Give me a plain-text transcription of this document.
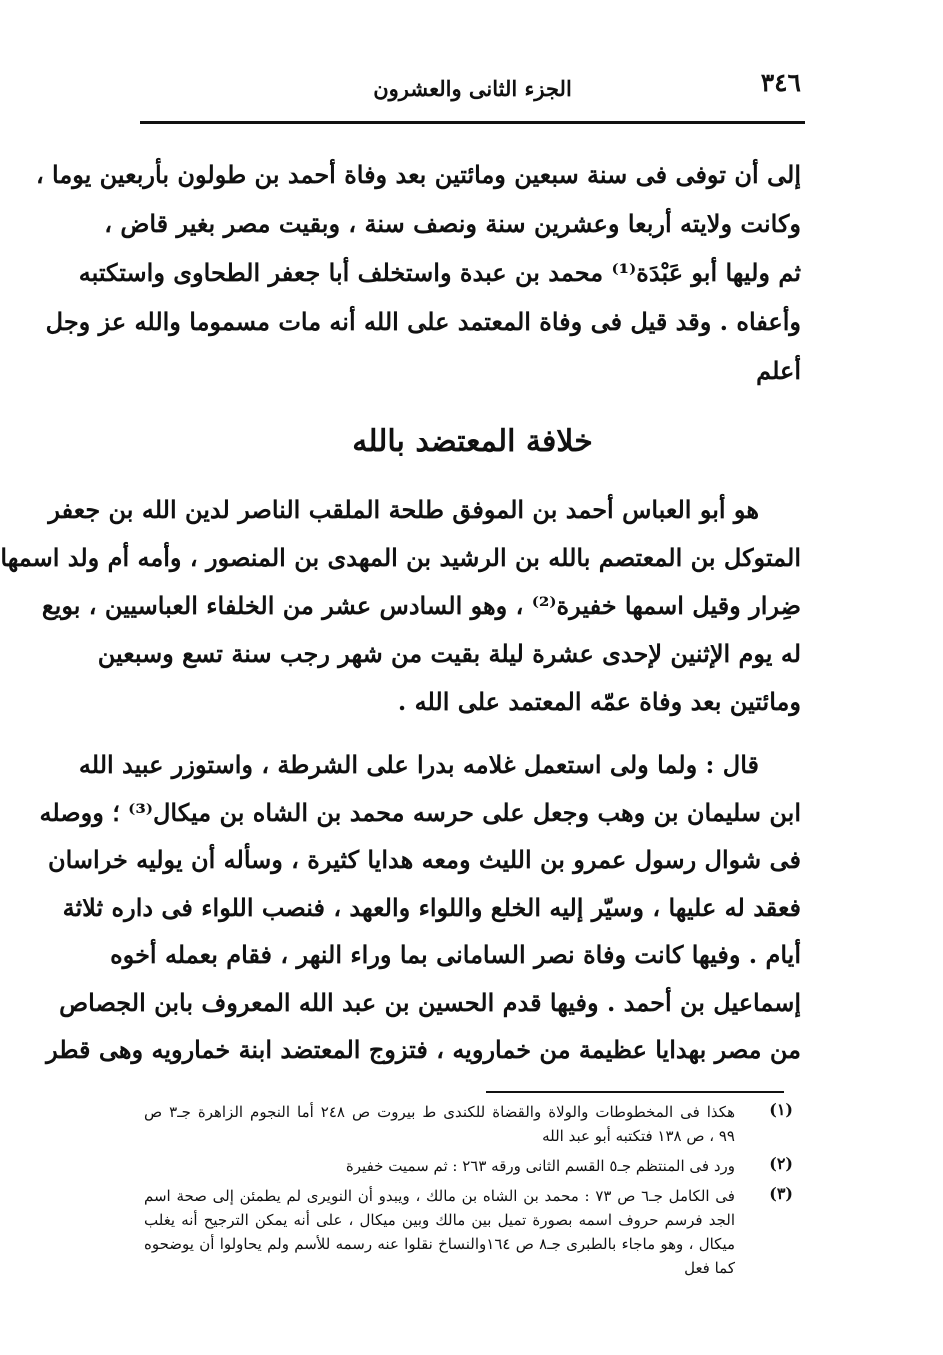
٣٤٦
الجزء الثانى والعشرون
إلى أن توفى فى سنة سبعين ومائتين بعد وفاة أحمد بن طولون بأربعين يوما ،
وكانت ولايته أربعا وعشرين سنة ونصف سنة ، وبقيت مصر بغير قاض ،
ثم وليها أبو عَبْدَة⁽¹⁾ محمد بن عبدة واستخلف أبا جعفر الطحاوى واستكتبه
وأعفاه . وقد قيل فى وفاة المعتمد على الله أنه مات مسموما والله عز وجل
أعلم
خلافة المعتضد بالله
هو أبو العباس أحمد بن الموفق طلحة الملقب الناصر لدين الله بن جعفر
المتوكل بن المعتصم بالله بن الرشيد بن المهدى بن المنصور ، وأمه أم ولد اسمها
ضِرار وقيل اسمها خفيرة⁽²⁾ ، وهو السادس عشر من الخلفاء العباسيين ، بويع
له يوم الإثنين لإحدى عشرة ليلة بقيت من شهر رجب سنة تسع وسبعين
ومائتين بعد وفاة عمّه المعتمد على الله .
قال : ولما ولى استعمل غلامه بدرا على الشرطة ، واستوزر عبيد الله
ابن سليمان بن وهب وجعل على حرسه محمد بن الشاه بن ميكال⁽³⁾ ؛ ووصله
فى شوال رسول عمرو بن الليث ومعه هدايا كثيرة ، وسأله أن يوليه خراسان
فعقد له عليها ، وسيّر إليه الخلع واللواء والعهد ، فنصب اللواء فى داره ثلاثة
أيام . وفيها كانت وفاة نصر السامانى بما وراء النهر ، فقام بعمله أخوه
إسماعيل بن أحمد . وفيها قدم الحسين بن عبد الله المعروف بابن الجصاص
من مصر بهدايا عظيمة من خمارويه ، فتزوج المعتضد ابنة خمارويه وهى قطر
(١)
هكذا فى المخطوطات والولاة والقضاة للكندى ط بيروت ص ٢٤٨ أما النجوم الزاهرة جـ٣ ص
٩٩ ، ص ١٣٨ فتكتبه أبو عبد الله
(٢)
ورد فى المنتظم جـ٥ القسم الثانى ورقه ٢٦٣ : ثم سميت خفيرة
(٣)
فى الكامل جـ٦ ص ٧٣ : محمد بن الشاه بن مالك ، ويبدو أن النويرى لم يطمئن إلى صحة اسم
الجد فرسم حروف اسمه بصورة تميل بين مالك وبين ميكال ، على أنه يمكن الترجيح أنه يغلب
ميكال ، وهو ماجاء بالطبرى جـ٨ ص ١٦٤والنساخ نقلوا عنه رسمه للأسم ولم يحاولوا أن يوضحوه
كما فعل
